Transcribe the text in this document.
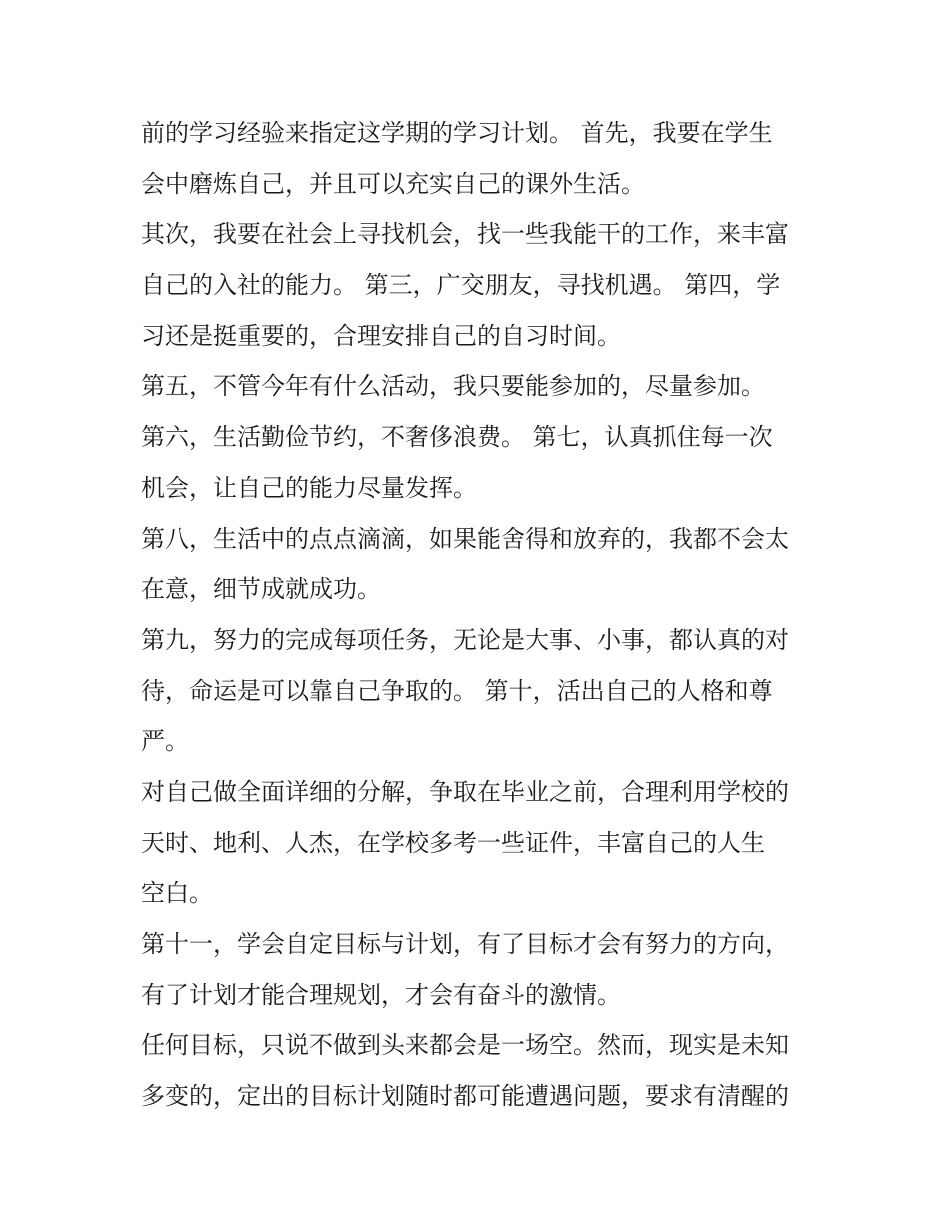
前的学习经验来指定这学期的学习计划。 首先，我要在学生
会中磨炼自己，并且可以充实自己的课外生活。
其次，我要在社会上寻找机会，找一些我能干的工作，来丰富
自己的入社的能力。 第三，广交朋友，寻找机遇。 第四，学
习还是挺重要的，合理安排自己的自习时间。
第五，不管今年有什么活动，我只要能参加的，尽量参加。
第六，生活勤俭节约，不奢侈浪费。 第七，认真抓住每一次
机会，让自己的能力尽量发挥。
第八，生活中的点点滴滴，如果能舍得和放弃的，我都不会太
在意，细节成就成功。
第九，努力的完成每项任务，无论是大事、小事，都认真的对
待，命运是可以靠自己争取的。 第十，活出自己的人格和尊
严。
对自己做全面详细的分解，争取在毕业之前，合理利用学校的
天时、地利、人杰，在学校多考一些证件，丰富自己的人生
空白。
第十一，学会自定目标与计划，有了目标才会有努力的方向，
有了计划才能合理规划，才会有奋斗的激情。
任何目标，只说不做到头来都会是一场空。然而，现实是未知
多变的，定出的目标计划随时都可能遭遇问题，要求有清醒的
